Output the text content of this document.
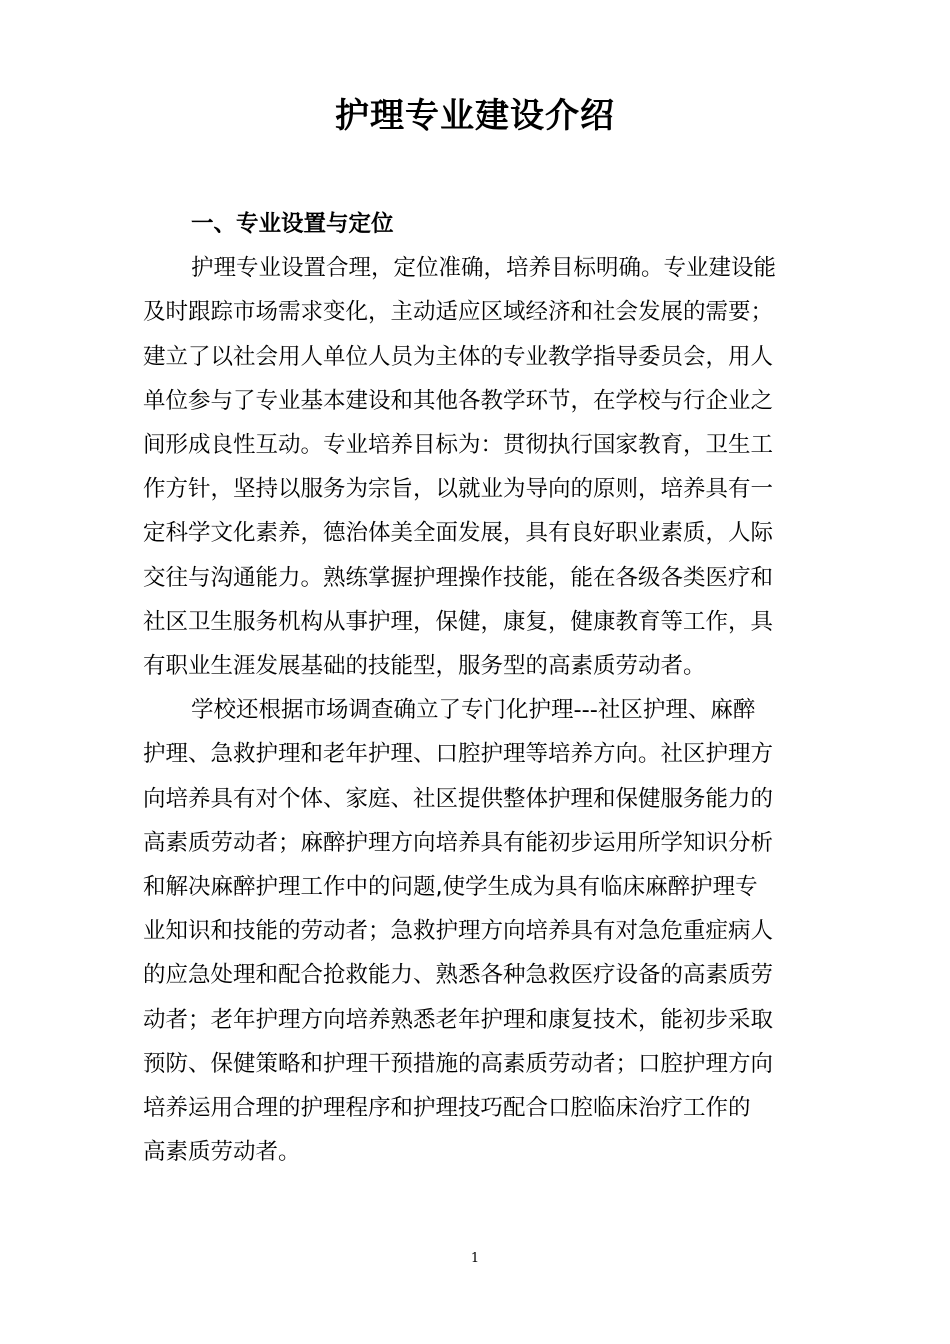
护理专业建设介绍

一、专业设置与定位

护理专业设置合理，定位准确，培养目标明确。专业建设能
及时跟踪市场需求变化，主动适应区域经济和社会发展的需要；
建立了以社会用人单位人员为主体的专业教学指导委员会，用人
单位参与了专业基本建设和其他各教学环节，在学校与行企业之
间形成良性互动。专业培养目标为：贯彻执行国家教育，卫生工
作方针，坚持以服务为宗旨，以就业为导向的原则，培养具有一
定科学文化素养，德治体美全面发展，具有良好职业素质，人际
交往与沟通能力。熟练掌握护理操作技能，能在各级各类医疗和
社区卫生服务机构从事护理，保健，康复，健康教育等工作，具
有职业生涯发展基础的技能型，服务型的高素质劳动者。

学校还根据市场调查确立了专门化护理---社区护理、麻醉
护理、急救护理和老年护理、口腔护理等培养方向。社区护理方
向培养具有对个体、家庭、社区提供整体护理和保健服务能力的
高素质劳动者；麻醉护理方向培养具有能初步运用所学知识分析
和解决麻醉护理工作中的问题,使学生成为具有临床麻醉护理专
业知识和技能的劳动者；急救护理方向培养具有对急危重症病人
的应急处理和配合抢救能力、熟悉各种急救医疗设备的高素质劳
动者；老年护理方向培养熟悉老年护理和康复技术，能初步采取
预防、保健策略和护理干预措施的高素质劳动者；口腔护理方向
培养运用合理的护理程序和护理技巧配合口腔临床治疗工作的
高素质劳动者。

1
